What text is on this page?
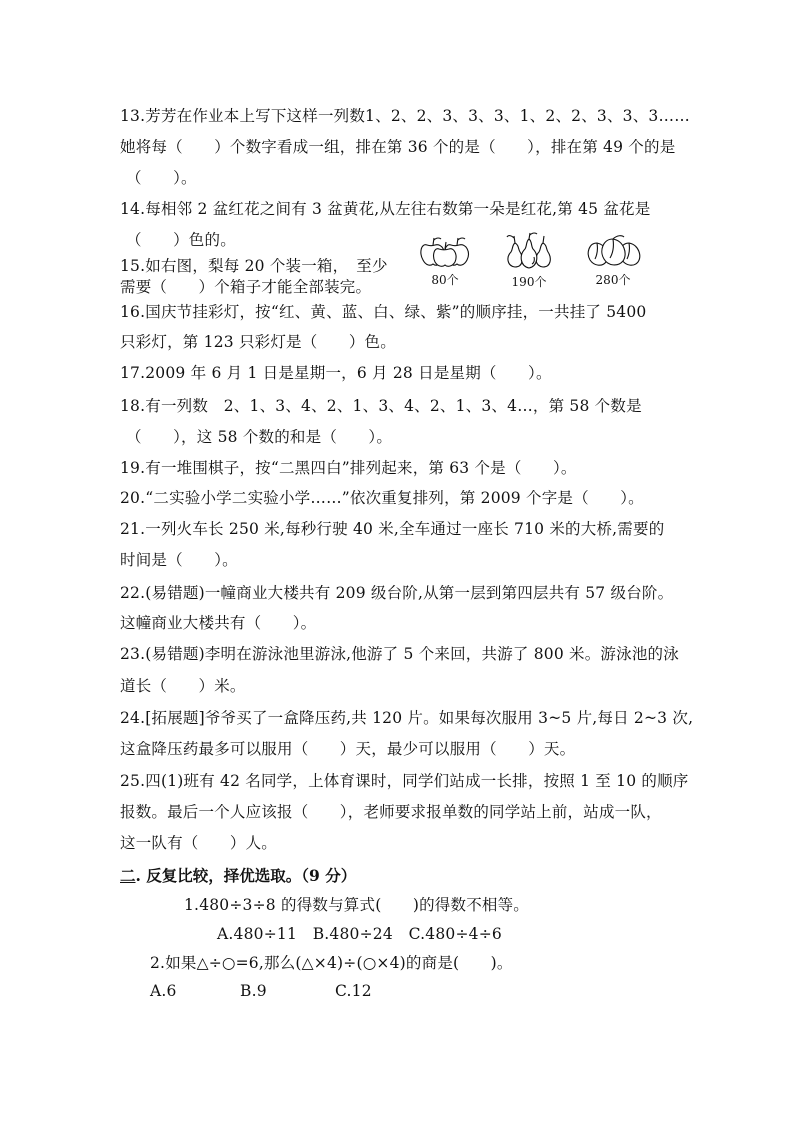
13.芳芳在作业本上写下这样一列数1、2、2、3、3、3、1、2、2、3、3、3……
她将每（　　）个数字看成一组，排在第 36 个的是（　　），排在第 49 个的是
（　　）。
14.每相邻 2 盆红花之间有 3 盆黄花,从左往右数第一朵是红花,第 45 盆花是
（　　）色的。
15.如右图，梨每 20 个装一箱，　至少
需要（　　）个箱子才能全部装完。	80个	190个	280个
16.国庆节挂彩灯，按“红、黄、蓝、白、绿、紫”的顺序挂，一共挂了 5400
只彩灯，第 123 只彩灯是（　　）色。
17.2009 年 6 月 1 日是星期一，6 月 28 日是星期（　　）。
18.有一列数　2、1、3、4、2、1、3、4、2、1、3、4…，第 58 个数是
（　　），这 58 个数的和是（　　）。
19.有一堆围棋子，按“二黑四白”排列起来，第 63 个是（　　）。
20.“二实验小学二实验小学……”依次重复排列，第 2009 个字是（　　）。
21.一列火车长 250 米,每秒行驶 40 米,全车通过一座长 710 米的大桥,需要的
时间是（　　）。
22.(易错题)一幢商业大楼共有 209 级台阶,从第一层到第四层共有 57 级台阶。
这幢商业大楼共有（　　）。
23.(易错题)李明在游泳池里游泳,他游了 5 个来回，共游了 800 米。游泳池的泳
道长（　　）米。
24.[拓展题]爷爷买了一盒降压药,共 120 片。如果每次服用 3~5 片,每日 2~3 次,
这盒降压药最多可以服用（　　）天，最少可以服用（　　）天。
25.四(1)班有 42 名同学，上体育课时，同学们站成一长排，按照 1 至 10 的顺序
报数。最后一个人应该报（　　），老师要求报单数的同学站上前，站成一队，
这一队有（　　）人。
二. 反复比较，择优选取。（9 分）
1.480÷3÷8 的得数与算式(　　)的得数不相等。
A.480÷11　B.480÷24　C.480÷4÷6
2.如果△÷○=6,那么(△×4)÷(○×4)的商是(　　)。
A.6	B.9	C.12
